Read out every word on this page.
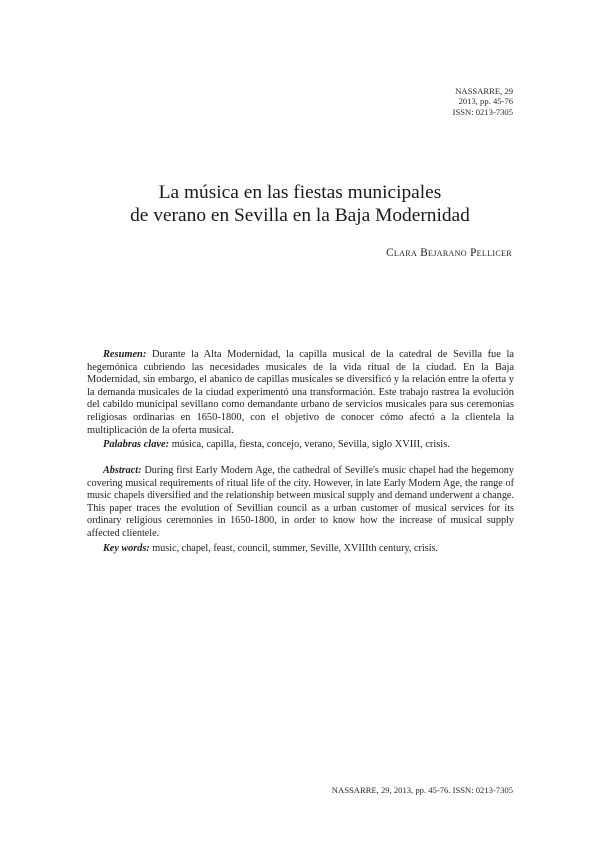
NASSARRE, 29
2013, pp. 45-76
ISSN: 0213-7305
La música en las fiestas municipales
de verano en Sevilla en la Baja Modernidad
Clara Bejarano Pellicer

Resumen: Durante la Alta Modernidad, la capilla musical de la catedral de Sevilla fue la hegemónica cubriendo las necesidades musicales de la vida ritual de la ciudad. En la Baja Modernidad, sin embargo, el abanico de capillas musicales se diversificó y la relación entre la oferta y la demanda musicales de la ciudad experimentó una transformación. Este trabajo rastrea la evolución del cabildo municipal sevillano como demandante urbano de servicios musicales para sus ceremonias religiosas ordinarias en 1650-1800, con el objetivo de conocer cómo afectó a la clientela la multiplicación de la oferta musical.

Palabras clave: música, capilla, fiesta, concejo, verano, Sevilla, siglo XVIII, crisis.

Abstract: During first Early Modern Age, the cathedral of Seville's music chapel had the hegemony covering musical requirements of ritual life of the city. However, in late Early Modern Age, the range of music chapels diversified and the relationship between musical supply and demand underwent a change. This paper traces the evolution of Sevillian council as a urban customer of musical services for its ordinary religious ceremonies in 1650-1800, in order to know how the increase of musical supply affected clientele.

Key words: music, chapel, feast, council, summer, Seville, XVIIIth century, crisis.

NASSARRE, 29, 2013, pp. 45-76. ISSN: 0213-7305
